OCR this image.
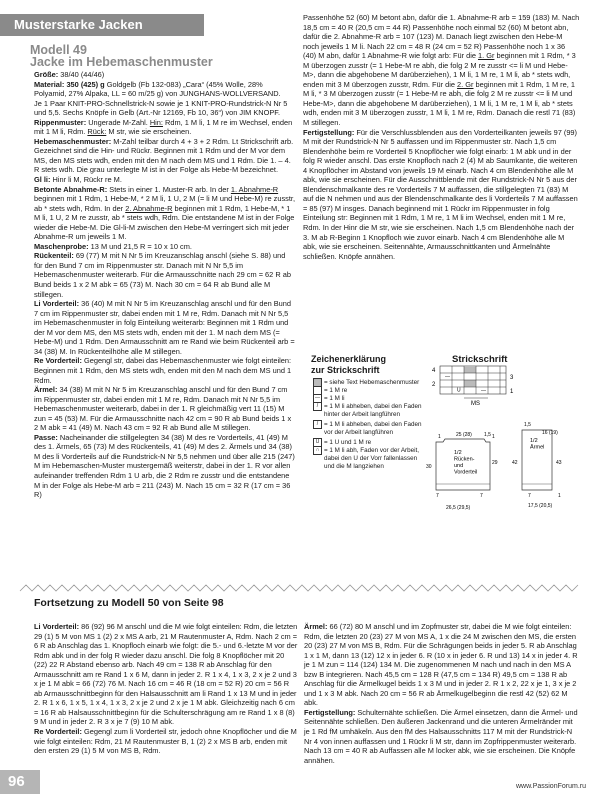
Musterstarke Jacken
Modell 49
Jacke im Hebemaschenmuster

Größe: 38/40 (44/46)

Material: 350 (425) g Goldgelb (Fb 132-083) „Cara“ (45% Wolle, 28% Polyamid, 27% Alpaka, LL = 60 m/25 g) von JUNGHANS-WOLLVERSAND.

Je 1 Paar KNIT-PRO-Schnellstrick-N sowie je 1 KNIT-PRO-Rundstrick-N Nr 5 und 5,5. Sechs Knöpfe in Gelb (Art.-Nr 12169, Fb 10, 36“) von JIM KNOPF.

Rippenmuster: Ungerade M-Zahl. Hin: Rdm, 1 M li, 1 M re im Wechsel, enden mit 1 M li, Rdm. Rück: M str, wie sie erscheinen.

Hebemaschenmuster: M-Zahl teilbar durch 4 + 3 + 2 Rdm. Lt Strickschrift arb. Gezeichnet sind die Hin- und Rückr. Beginnen mit 1 Rdm und der M vor dem MS, den MS stets wdh, enden mit den M nach dem MS und 1 Rdm. Die 1. – 4. R stets wdh. Die grau unterlegte M ist in der Folge als Hebe-M bezeichnet.

Gl li: Hinr li M, Rückr re M.

Betonte Abnahme-R: Stets in einer 1. Muster-R arb. In der 1. Abnahme-R beginnen mit 1 Rdm, 1 Hebe-M, * 2 M li, 1 U, 2 M (= li M und Hebe-M) re zusstr, ab * stets wdh, Rdm. In der 2. Abnahme-R beginnen mit 1 Rdm, 1 Hebe-M, * 1 M li, 1 U, 2 M re zusstr, ab * stets wdh, Rdm. Die entstandene M ist in der Folge wieder die Hebe-M. Die Gl-li-M zwischen den Hebe-M verringert sich mit jeder Abnahme-R um jeweils 1 M.

Maschenprobe: 13 M und 21,5 R = 10 x 10 cm.

Rückenteil: 69 (77) M mit N Nr 5 im Kreuzanschlag anschl (siehe S. 88) und für den Bund 7 cm im Rippenmuster str. Danach mit N Nr 5,5 im Hebemaschenmuster weiterarb. Für die Armausschnitte nach 29 cm = 62 R ab Bund beids 1 x 2 M abk = 65 (73) M. Nach 30 cm = 64 R ab Bund alle M stillegen.

Li Vorderteil: 36 (40) M mit N Nr 5 im Kreuzanschlag anschl und für den Bund 7 cm im Rippenmuster str, dabei enden mit 1 M re, Rdm. Danach mit N Nr 5,5 im Hebemaschenmuster in folg Einteilung weiterarb: Beginnen mit 1 Rdm und der M vor dem MS, den MS stets wdh, enden mit der 1. M nach dem MS (= Hebe-M) und 1 Rdm. Den Armausschnitt am re Rand wie beim Rückenteil arb = 34 (38) M. In Rückenteilhöhe alle M stillegen.

Re Vorderteil: Gegengl str, dabei das Hebemaschenmuster wie folgt einteilen: Beginnen mit 1 Rdm, den MS stets wdh, enden mit den M nach dem MS und 1 Rdm.

Ärmel: 34 (38) M mit N Nr 5 im Kreuzanschlag anschl und für den Bund 7 cm im Rippenmuster str, dabei enden mit 1 M re, Rdm. Danach mit N Nr 5,5 im Hebemaschenmuster weiterarb, dabei in der 1. R gleichmäßig vert 11 (15) M zun = 45 (53) M. Für die Armausschnitte nach 42 cm = 90 R ab Bund beids 1 x 2 M abk = 41 (49) M. Nach 43 cm = 92 R ab Bund alle M stillegen.

Passe: Nacheinander die stillgelegten 34 (38) M des re Vorderteils, 41 (49) M des 1. Ärmels, 65 (73) M des Rückenteils, 41 (49) M des 2. Ärmels und 34 (38) M des li Vorderteils auf die Rundstrick-N Nr 5,5 nehmen und über alle 215 (247) M im Hebemaschen-Muster mustergemäß weiterstr, dabei in der 1. R vor allen aufeinander treffenden Rdm 1 U arb, die 2 Rdm re zusstr und die entstandene M in der Folge als Hebe-M arb = 211 (243) M. Nach 15 cm = 32 R (17 cm = 36 R)

Passenhöhe 52 (60) M betont abn, dafür die 1. Abnahme-R arb = 159 (183) M. Nach 18,5 cm = 40 R (20,5 cm = 44 R) Passenhöhe noch einmal 52 (60) M betont abn, dafür die 2. Abnahme-R arb = 107 (123) M. Danach liegt zwischen den Hebe-M noch jeweils 1 M li. Nach 22 cm = 48 R (24 cm = 52 R) Passenhöhe noch 1 x 36 (40) M abn, dafür 1 Abnahme-R wie folgt arb: Für die 1. Gr beginnen mit 1 Rdm, * 3 M überzogen zusstr (= 1 Hebe-M re abh, die folg 2 M re zusstr <= li M und Hebe-M>, dann die abgehobene M darüberziehen), 1 M li, 1 M re, 1 M li, ab * stets wdh, enden mit 3 M überzogen zusstr, Rdm. Für die 2. Gr beginnen mit 1 Rdm, 1 M re, 1 M li, * 3 M überzogen zusstr (= 1 Hebe-M re abh, die folg 2 M re zusstr <= li M und Hebe-M>, dann die abgehobene M darüberziehen), 1 M li, 1 M re, 1 M li, ab * stets wdh, enden mit 3 M überzogen zusstr, 1 M li, 1 M re, Rdm. Danach die restl 71 (83) M stillegen.

Fertigstellung: Für die Verschlussblenden aus den Vorderteilkanten jeweils 97 (99) M mit der Rundstrick-N Nr 5 auffassen und im Rippenmuster str. Nach 1,5 cm Blendenhöhe beim re Vorderteil 5 Knopflöcher wie folgt einarb: 1 M abk und in der folg R wieder anschl. Das erste Knopfloch nach 2 (4) M ab Saumkante, die weiteren 4 Knopflöcher im Abstand von jeweils 19 M einarb. Nach 4 cm Blendenhöhe alle M abk, wie sie erscheinen. Für die Ausschnittblende mit der Rundstrick-N Nr 5 aus der Blendenschmalkante des re Vorderteils 7 M auffassen, die stillgelegten 71 (83) M auf die N nehmen und aus der Blendenschmalkante des li Vorderteils 7 M auffassen = 85 (97) M insges. Danach beginnend mit 1 Rückr im Rippenmuster in folg Einteilung str: Beginnen mit 1 Rdm, 1 M re, 1 M li im Wechsel, enden mit 1 M re, Rdm. In der Hinr die M str, wie sie erscheinen. Nach 1,5 cm Blendenhöhe nach der 3. M ab R-Beginn 1 Knopfloch wie zuvor einarb. Nach 4 cm Blendenhöhe alle M abk, wie sie erscheinen. Seitennähte, Armausschnittkanten und Ärmelnähte schließen. Knöpfe annähen.

Zeichenerklärung
zur Strickschrift
= siehe Text Hebemaschenmuster
= 1 M re
— = 1 M li
/ = 1 M li abheben, dabei den Faden hinter der Arbeit langführen
/ = 1 M li abheben, dabei den Faden vor der Arbeit langführen
U = 1 U und 1 M re
∩ = 1 M li abh, Faden vor der Arbeit, dabei den U der Vorr fallenlassen und die M langziehen
Strickschrift
—
—
U
4
2
3
1
MS
1/2 Rücken-und Vorderteil
1/2 Ärmel
25 (28) 1,5
30
29
7	7
26,5 (29,5)
16 (19)
42	43
1,5
7
17,5 (20,5)
1	1
1
Fortsetzung zu Modell 50 von Seite 98

Li Vorderteil: 86 (92) 96 M anschl und die M wie folgt einteilen: Rdm, die letzten 29 (1) 5 M von MS 1 (2) 2 x MS A arb, 21 M Rautenmuster A, Rdm. Nach 2 cm = 6 R ab Anschlag das 1. Knopfloch einarb wie folgt: die 5.- und 6.-letzte M vor der Rdm abk und in der folg R wieder dazu anschl. Die folg 8 Knopflöcher mit 20 (22) 22 R Abstand ebenso arb. Nach 49 cm = 138 R ab Anschlag für den Armausschnitt am re Rand 1 x 6 M, dann in jeder 2. R 1 x 4, 1 x 3, 2 x je 2 und 3 x je 1 M abk = 66 (72) 76 M. Nach 16 cm = 46 R (18 cm = 52 R) 20 cm = 56 R ab Armausschnittbeginn für den Halsausschnitt am li Rand 1 x 13 M und in jeder 2. R 1 x 6, 1 x 5, 1 x 4, 1 x 3, 2 x je 2 und 2 x je 1 M abk. Gleichzeitig nach 6 cm = 16 R ab Halsausschnittbeginn für die Schulterschrägung am re Rand 1 x 8 (8) 9 M und in jeder 2. R 3 x je 7 (9) 10 M abk.

Re Vorderteil: Gegengl zum li Vorderteil str, jedoch ohne Knopflöcher und die M wie folgt einteilen: Rdm, 21 M Rautenmuster B, 1 (2) 2 x MS B arb, enden mit den ersten 29 (1) 5 M von MS B, Rdm.

Ärmel: 66 (72) 80 M anschl und im Zopfmuster str, dabei die M wie folgt einteilen: Rdm, die letzten 20 (23) 27 M von MS A, 1 x die 24 M zwischen den MS, die ersten 20 (23) 27 M von MS B, Rdm. Für die Schrägungen beids in jeder 5. R ab Anschlag 1 x 1 M, dann 13 (12) 12 x in jeder 6. R (10 x in jeder 6. R und 13) 14 x in jeder 4. R je 1 M zun = 114 (124) 134 M. Die zugenommenen M nach und nach in den MS A bzw B integrieren. Nach 45,5 cm = 128 R (47,5 cm = 134 R) 49,5 cm = 138 R ab Anschlag für die Ärmelkugel beids 1 x 3 M und in jeder 2. R 1 x 2, 22 x je 1, 3 x je 2 und 1 x 3 M abk. Nach 20 cm = 56 R ab Ärmelkugelbeginn die restl 42 (52) 62 M abk.

Fertigstellung: Schulternähte schließen. Die Ärmel einsetzen, dann die Ärmel- und Seitennähte schließen. Den äußeren Jackenrand und die unteren Ärmelränder mit je 1 Rd fM umhäkeln. Aus den fM des Halsausschnitts 117 M mit der Rundstrick-N Nr 4 von innen auffassen und 1 Rückr li M str, dann im Zopfrippenmuster weiterarb. Nach 13 cm = 40 R ab Auffassen alle M locker abk, wie sie erscheinen. Die Knöpfe annähen.

96	www.PassionForum.ru
